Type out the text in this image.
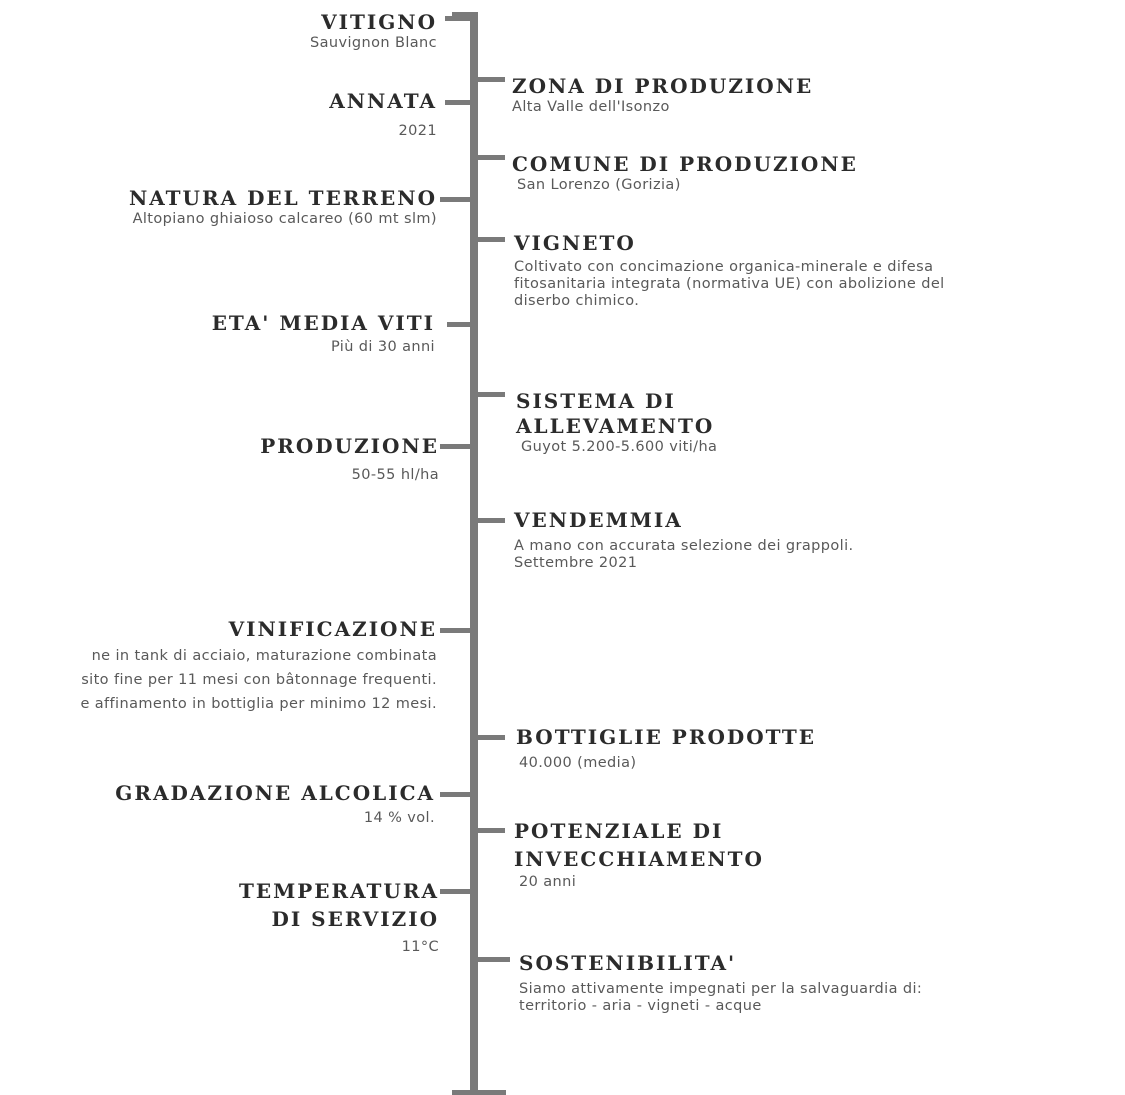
VITIGNO
Sauvignon Blanc
ANNATA
2021
NATURA DEL TERRENO
Altopiano ghiaioso calcareo (60 mt slm)
ETA' MEDIA VITI
Più di 30 anni
PRODUZIONE
50-55 hl/ha
VINIFICAZIONE
ne in tank di acciaio, maturazione combinata
sito fine per 11 mesi con bâtonnage frequenti.
e affinamento in bottiglia per minimo 12 mesi.
GRADAZIONE ALCOLICA
14 % vol.
TEMPERATURA
DI SERVIZIO
11°C
ZONA DI PRODUZIONE
Alta Valle dell'Isonzo
COMUNE DI PRODUZIONE
San Lorenzo (Gorizia)
VIGNETO
Coltivato con concimazione organica-minerale e difesa
fitosanitaria integrata (normativa UE) con abolizione del
diserbo chimico.
SISTEMA DI
ALLEVAMENTO
Guyot 5.200-5.600 viti/ha
VENDEMMIA
A mano con accurata selezione dei grappoli.
Settembre 2021
BOTTIGLIE PRODOTTE
40.000 (media)
POTENZIALE DI
INVECCHIAMENTO
20 anni
SOSTENIBILITA'
Siamo attivamente impegnati per la salvaguardia di:
territorio - aria - vigneti - acque
